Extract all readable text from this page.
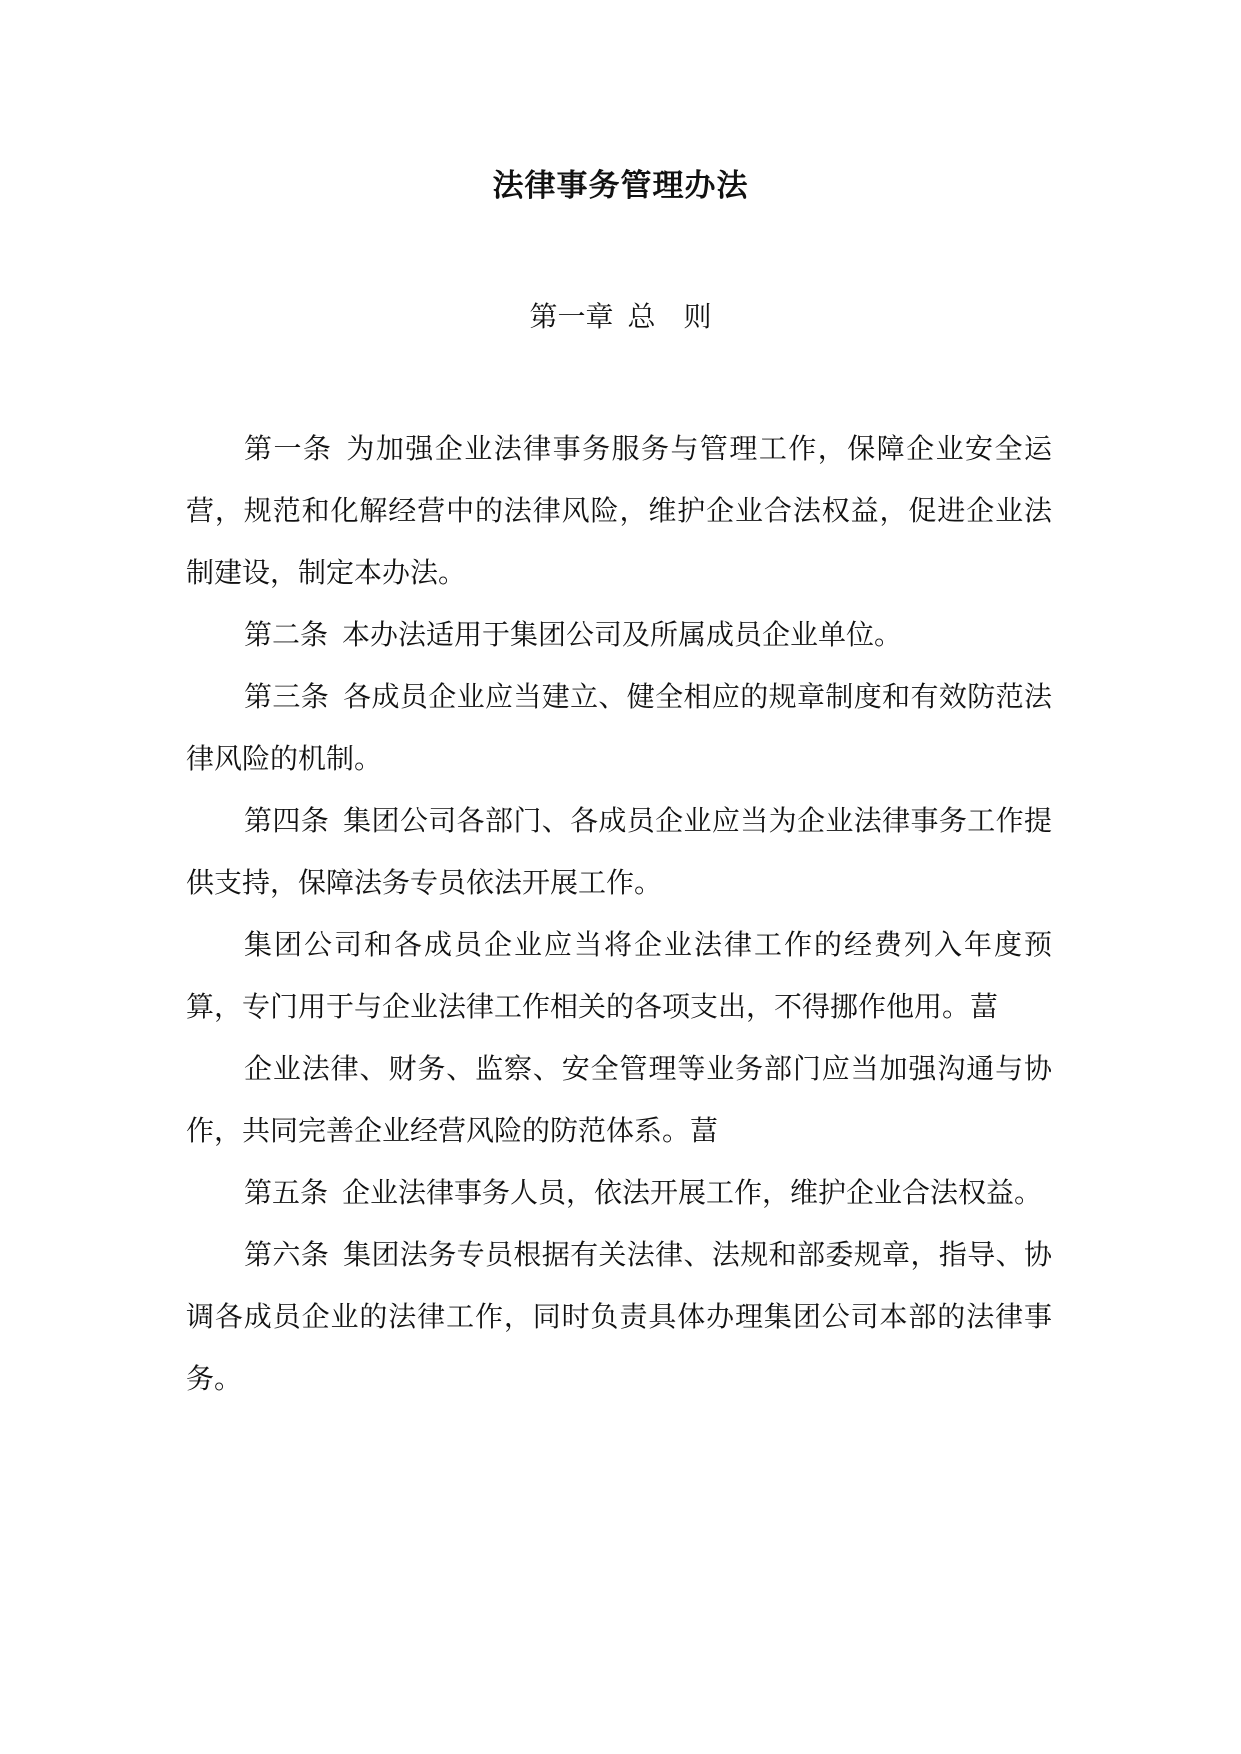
法律事务管理办法
第一章 总 则

第一条 为加强企业法律事务服务与管理工作，保障企业安全运营，规范和化解经营中的法律风险，维护企业合法权益，促进企业法制建设，制定本办法。

第二条 本办法适用于集团公司及所属成员企业单位。

第三条 各成员企业应当建立、健全相应的规章制度和有效防范法律风险的机制。

第四条 集团公司各部门、各成员企业应当为企业法律事务工作提供支持，保障法务专员依法开展工作。

集团公司和各成员企业应当将企业法律工作的经费列入年度预算，专门用于与企业法律工作相关的各项支出，不得挪作他用。葍

企业法律、财务、监察、安全管理等业务部门应当加强沟通与协作，共同完善企业经营风险的防范体系。葍

第五条 企业法律事务人员，依法开展工作，维护企业合法权益。

第六条 集团法务专员根据有关法律、法规和部委规章，指导、协调各成员企业的法律工作，同时负责具体办理集团公司本部的法律事务。
